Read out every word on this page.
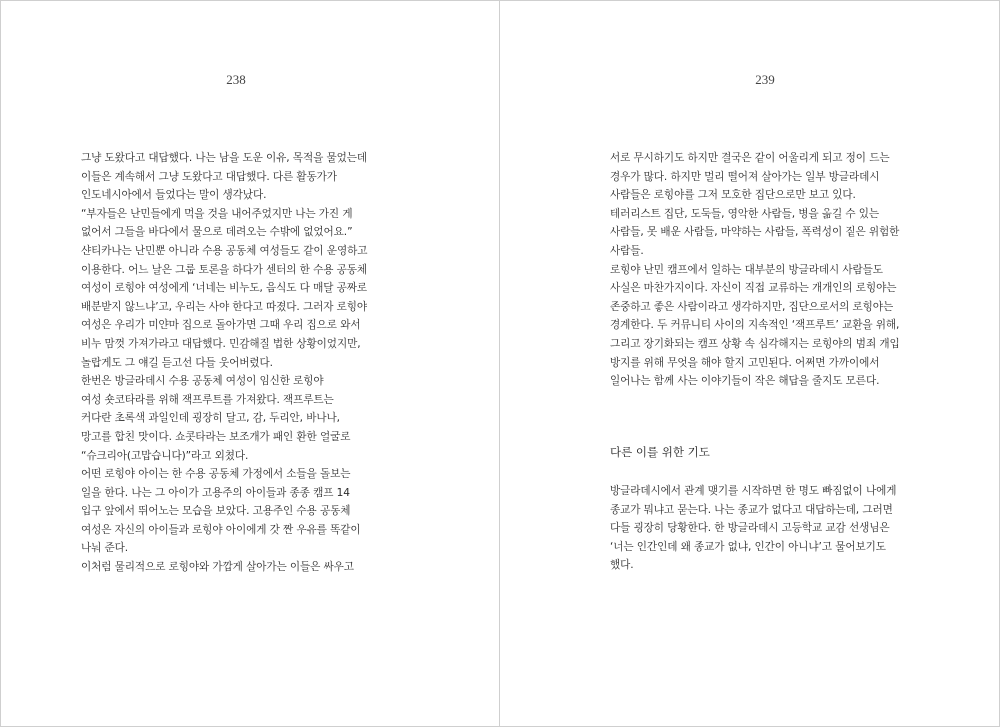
238
그냥 도왔다고 대답했다. 나는 남을 도운 이유, 목적을 물었는데
이들은 계속해서 그냥 도왔다고 대답했다. 다른 활동가가
인도네시아에서 들었다는 말이 생각났다.
“부자들은 난민들에게 먹을 것을 내어주었지만 나는 가진 게
없어서 그들을 바다에서 물으로 데려오는 수밖에 없었어요.”
샨티카나는 난민뿐 아니라 수용 공동체 여성들도 같이 운영하고
이용한다. 어느 날은 그룹 토론을 하다가 센터의 한 수용 공동체
여성이 로힝야 여성에게 ‘너네는 비누도, 음식도 다 매달 공짜로
배분받지 않느냐’고, 우리는 사야 한다고 따졌다. 그러자 로힝야
여성은 우리가 미얀마 집으로 돌아가면 그때 우리 집으로 와서
비누 맘껏 가져가라고 대답했다. 민감해질 법한 상황이었지만,
놀랍게도 그 얘길 듣고선 다들 웃어버렸다.
한번은 방글라데시 수용 공동체 여성이 임신한 로힝야
여성 숏코타라를 위해 잭프루트를 가져왔다. 잭프루트는
커다란 초록색 과일인데 굉장히 달고, 감, 두리안, 바나나,
망고를 합친 맛이다. 쇼콧타라는 보조개가 패인 환한 얼굴로
“슈크리아(고맙습니다)”라고 외쳤다.
어떤 로힝야 아이는 한 수용 공동체 가정에서 소들을 돌보는
일을 한다. 나는 그 아이가 고용주의 아이들과 종종 캠프 14
입구 앞에서 뛰어노는 모습을 보았다. 고용주인 수용 공동체
여성은 자신의 아이들과 로힝야 아이에게 갓 짠 우유를 똑같이
나눠 준다.
이처럼 물리적으로 로힝야와 가깝게 살아가는 이들은 싸우고
239
서로 무시하기도 하지만 결국은 같이 어울리게 되고 정이 드는
경우가 많다. 하지만 멀리 떨어져 살아가는 일부 방글라데시
사람들은 로힝야를 그저 모호한 집단으로만 보고 있다.
테러리스트 집단, 도둑들, 영악한 사람들, 병을 옮길 수 있는
사람들, 못 배운 사람들, 마약하는 사람들, 폭력성이 짙은 위험한
사람들.
로힝야 난민 캠프에서 일하는 대부분의 방글라데시 사람들도
사실은 마찬가지이다. 자신이 직접 교류하는 개개인의 로힝야는
존중하고 좋은 사람이라고 생각하지만, 집단으로서의 로힝야는
경계한다. 두 커뮤니티 사이의 지속적인 ‘잭프루트’ 교환을 위해,
그리고 장기화되는 캠프 상황 속 심각해지는 로힝야의 범죄 개입
방지를 위해 무엇을 해야 할지 고민된다. 어쩌면 가까이에서
일어나는 함께 사는 이야기들이 작은 해답을 줄지도 모른다.
다른 이를 위한 기도
방글라데시에서 관계 맺기를 시작하면 한 명도 빠짐없이 나에게
종교가 뭐냐고 묻는다. 나는 종교가 없다고 대답하는데, 그러면
다들 굉장히 당황한다. 한 방글라데시 고등학교 교감 선생님은
‘너는 인간인데 왜 종교가 없냐, 인간이 아니냐’고 물어보기도
했다.
